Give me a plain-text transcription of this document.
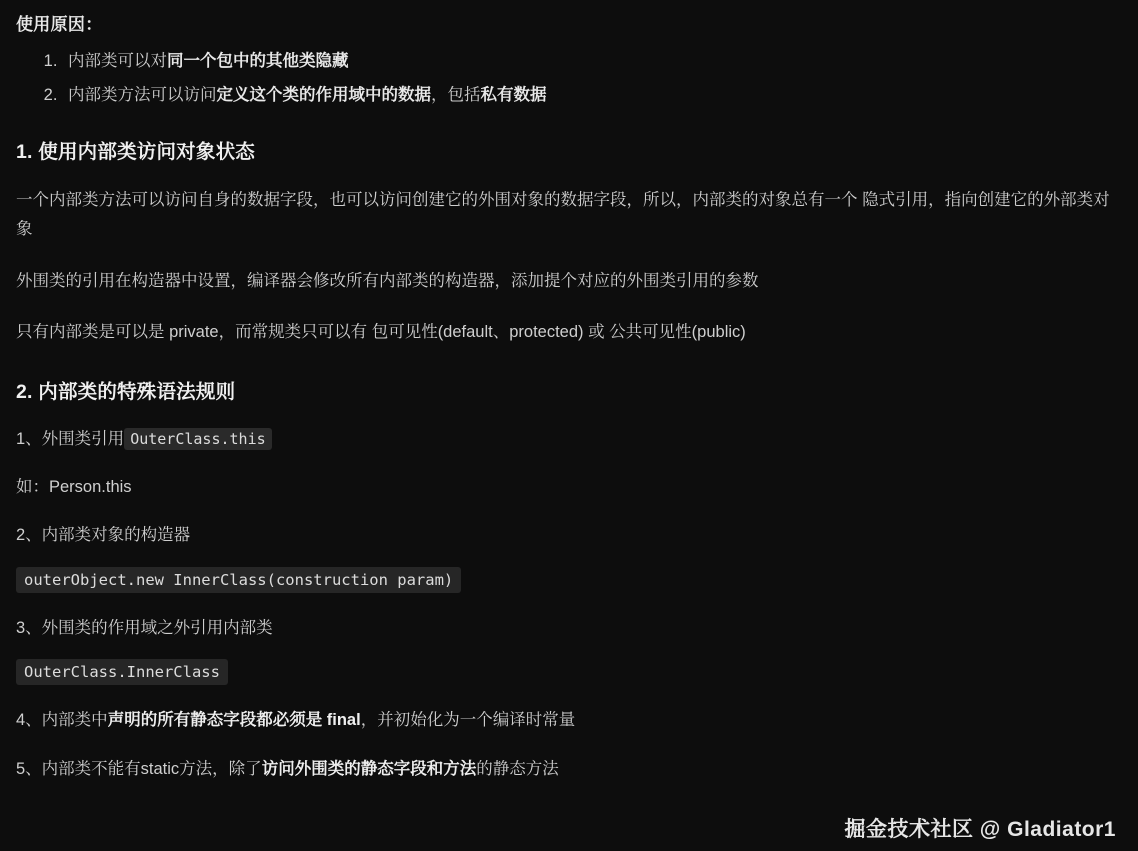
使用原因：
1. 内部类可以对同一个包中的其他类隐藏
2. 内部类方法可以访问定义这个类的作用域中的数据，包括私有数据
1. 使用内部类访问对象状态

一个内部类方法可以访问自身的数据字段，也可以访问创建它的外围对象的数据字段，所以，内部类的对象总有一个 隐式引用，指向创建它的外部类对象

外围类的引用在构造器中设置，编译器会修改所有内部类的构造器，添加提个对应的外围类引用的参数

只有内部类是可以是 private，而常规类只可以有 包可见性(default、protected) 或 公共可见性(public)

2. 内部类的特殊语法规则

1、外围类引用 OuterClass.this

如：Person.this

2、内部类对象的构造器

outerObject.new InnerClass(construction param)

3、外围类的作用域之外引用内部类

OuterClass.InnerClass

4、内部类中声明的所有静态字段都必须是 final，并初始化为一个编译时常量

5、内部类不能有static方法，除了访问外围类的静态字段和方法的静态方法

掘金技术社区 @ Gladiator1
